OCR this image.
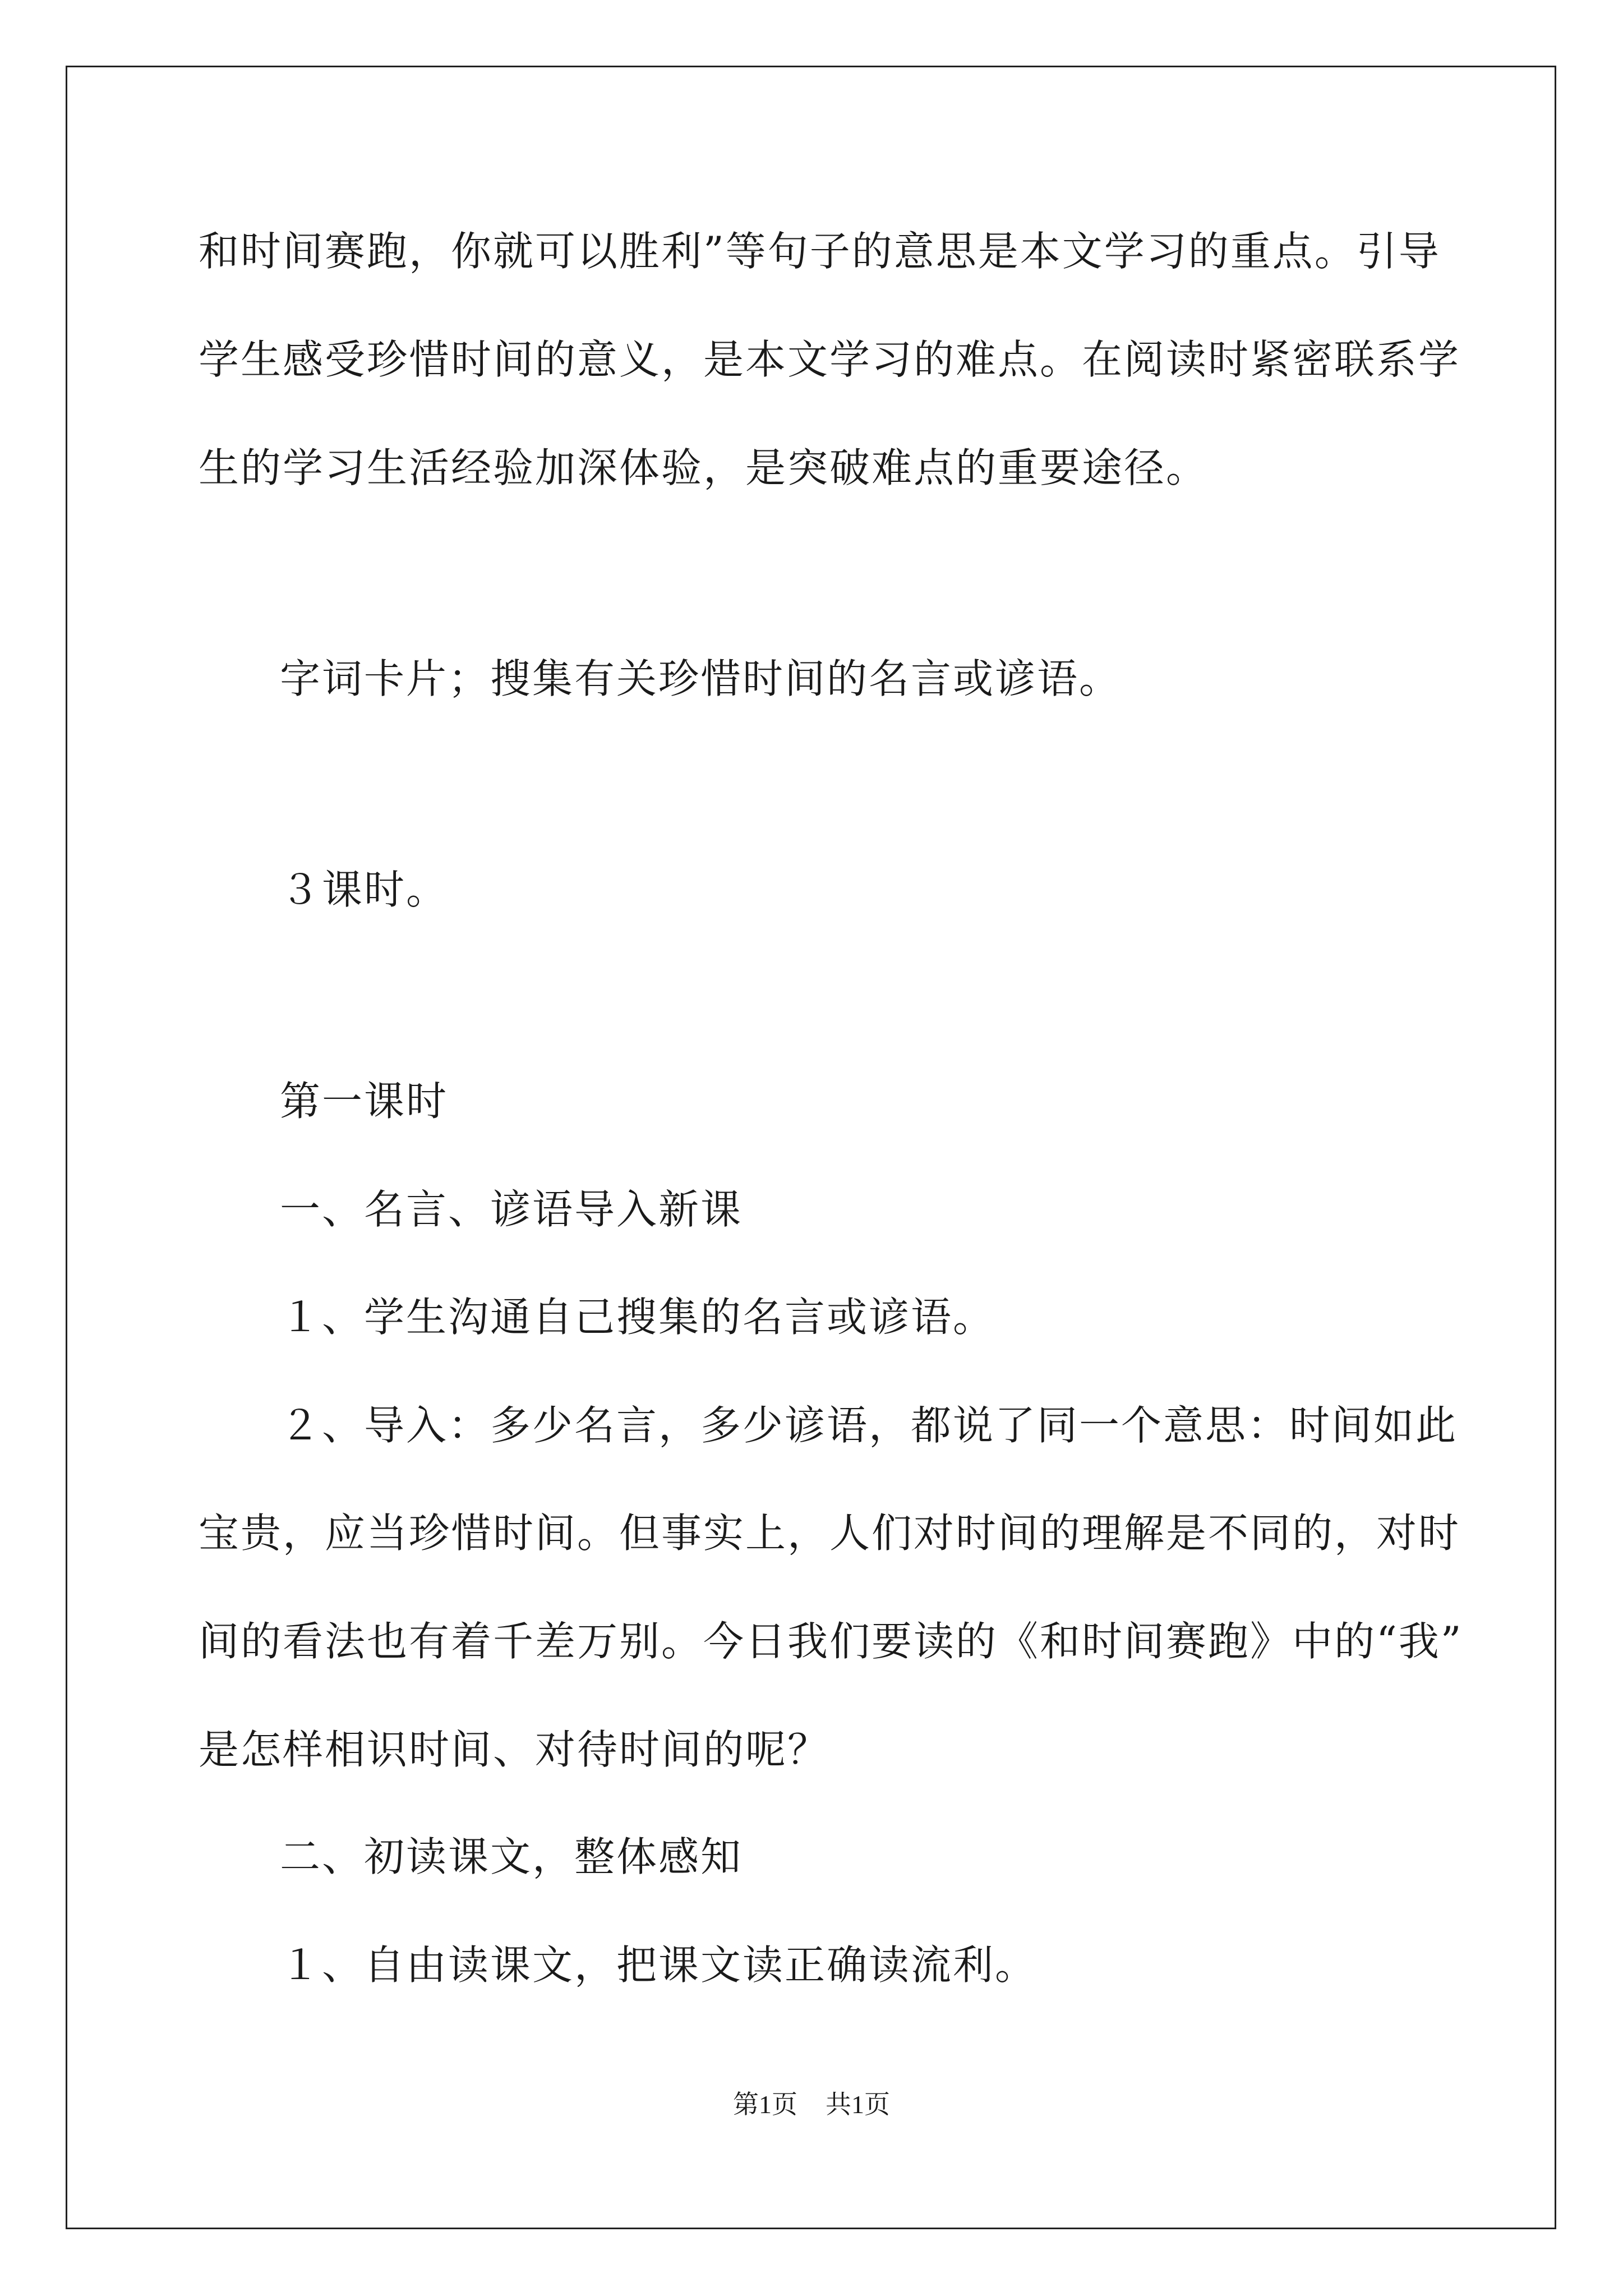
和时间赛跑，你就可以胜利”等句子的意思是本文学习的重点。引导
学生感受珍惜时间的意义，是本文学习的难点。在阅读时紧密联系学
生的学习生活经验加深体验，是突破难点的重要途径。
字词卡片；搜集有关珍惜时间的名言或谚语。
３课时。
第一课时
一、名言、谚语导入新课
１、学生沟通自己搜集的名言或谚语。
２、导入：多少名言，多少谚语，都说了同一个意思：时间如此
宝贵，应当珍惜时间。但事实上，人们对时间的理解是不同的，对时
间的看法也有着千差万别。今日我们要读的《和时间赛跑》中的“我”
是怎样相识时间、对待时间的呢？
二、初读课文，整体感知
１、自由读课文，把课文读正确读流利。
第1页 共1页
